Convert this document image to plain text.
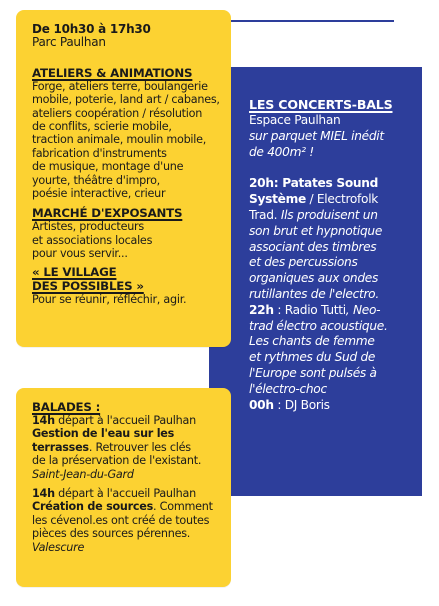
LES CONCERTS-BALS
Espace Paulhan
sur parquet MIEL inédit
de 400m² !
20h: Patates Sound
Système / Electrofolk
Trad. Ils produisent un
son brut et hypnotique
associant des timbres
et des percussions
organiques aux ondes
rutillantes de l'electro.
22h : Radio Tutti, Neo-
trad électro acoustique.
Les chants de femme
et rythmes du Sud de
l'Europe sont pulsés à
l'électro-choc
00h : DJ Boris
De 10h30 à 17h30
Parc Paulhan
ATELIERS & ANIMATIONS
Forge, ateliers terre, boulangerie
mobile, poterie, land art / cabanes,
ateliers coopération / résolution
de conflits, scierie mobile,
traction animale, moulin mobile,
fabrication d'instruments
de musique, montage d'une
yourte, théâtre d'impro,
poésie interactive, crieur
MARCHÉ D'EXPOSANTS
Artistes, producteurs
et associations locales
pour vous servir...
« LE VILLAGE
DES POSSIBLES »
Pour se réunir, réfléchir, agir.
BALADES :
14h départ à l'accueil Paulhan
Gestion de l'eau sur les
terrasses. Retrouver les clés
de la préservation de l'existant.
Saint-Jean-du-Gard
14h départ à l'accueil Paulhan
Création de sources. Comment
les cévenol.es ont créé de toutes
pièces des sources pérennes.
Valescure
